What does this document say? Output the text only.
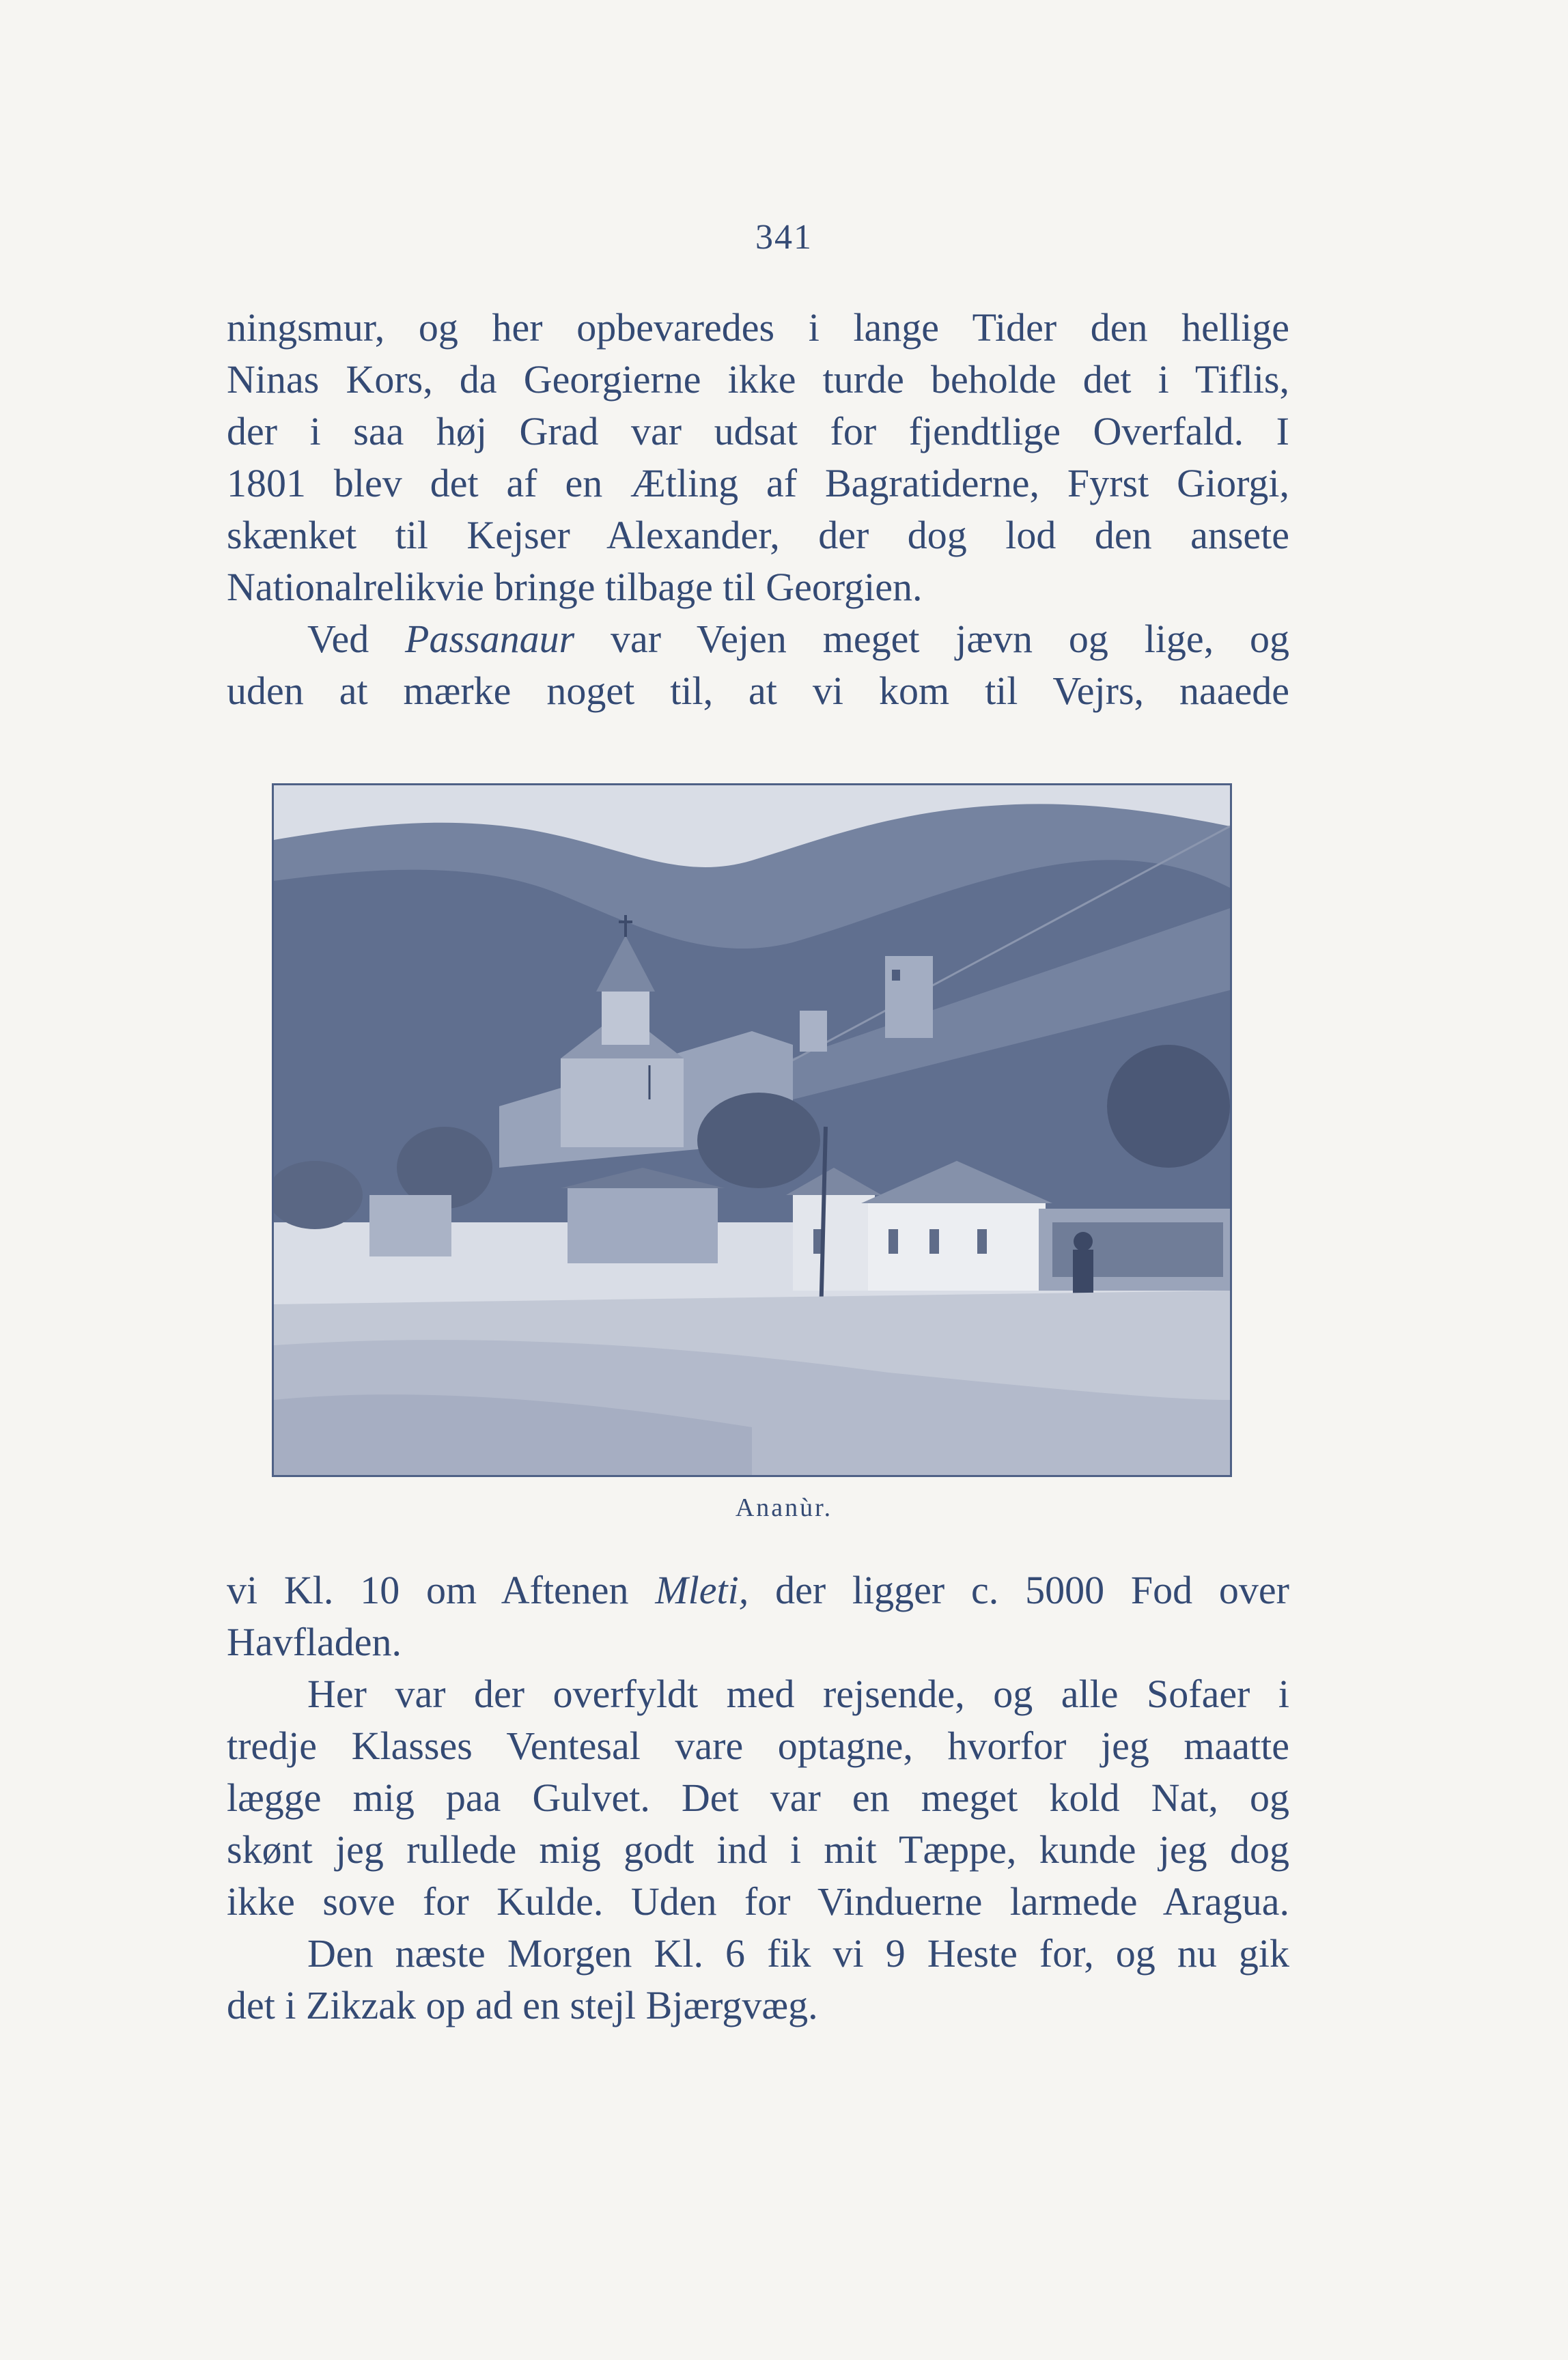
341
ningsmur, og her opbevaredes i lange Tider den hellige
Ninas Kors, da Georgierne ikke turde beholde det i Tiflis,
der i saa høj Grad var udsat for fjendtlige Overfald. I
1801 blev det af en Ætling af Bagratiderne, Fyrst Giorgi,
skænket til Kejser Alexander, der dog lod den ansete
Nationalrelikvie bringe tilbage til Georgien.
Ved Passanaur var Vejen meget jævn og lige, og
uden at mærke noget til, at vi kom til Vejrs, naaede
Ananùr.
vi Kl. 10 om Aftenen Mleti, der ligger c. 5000 Fod over
Havfladen.
Her var der overfyldt med rejsende, og alle Sofaer i
tredje Klasses Ventesal vare optagne, hvorfor jeg maatte
lægge mig paa Gulvet. Det var en meget kold Nat, og
skønt jeg rullede mig godt ind i mit Tæppe, kunde jeg dog
ikke sove for Kulde. Uden for Vinduerne larmede Aragua.
Den næste Morgen Kl. 6 fik vi 9 Heste for, og nu gik
det i Zikzak op ad en stejl Bjærgvæg.
